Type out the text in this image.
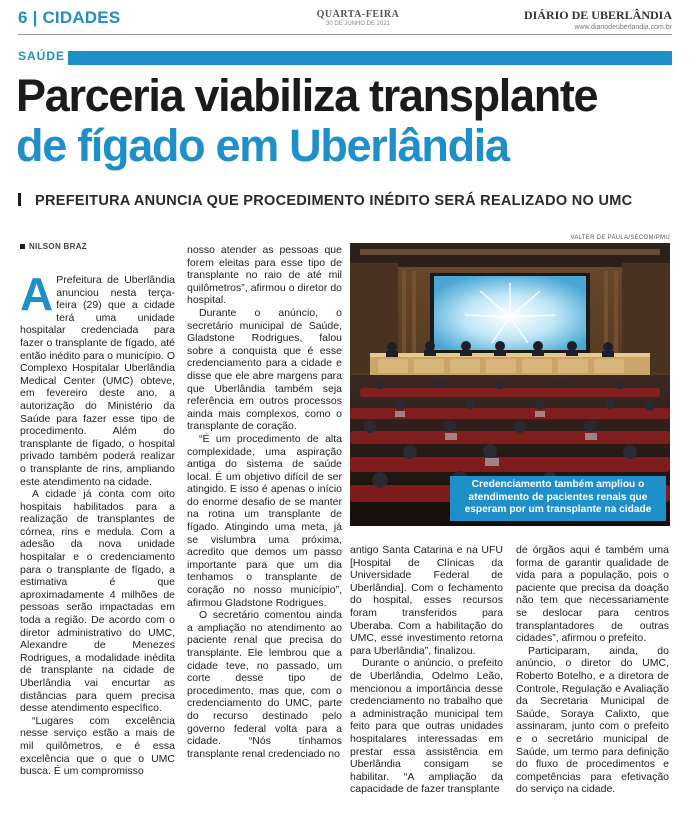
6 | CIDADES	QUARTA-FEIRA
30 DE JUNHO DE 2021
DIÁRIO DE UBERLÂNDIA
www.diariodeuberlandia.com.br
SAÚDE
Parceria viabiliza transplante
de fígado em Uberlândia
PREFEITURA ANUNCIA QUE PROCEDIMENTO INÉDITO SERÁ REALIZADO NO UMC
NILSON BRAZ
A Prefeitura de Uberlândia anunciou nesta terça-feira (29) que a cidade terá uma unidade hospitalar credenciada para fazer o transplante de fígado, até então inédito para o município. O Complexo Hospitalar Uberlândia Medical Center (UMC) obteve, em fevereiro deste ano, a autorização do Ministério da Saúde para fazer esse tipo de procedimento. Além do transplante de fígado, o hospital privado também poderá realizar o transplante de rins, ampliando este atendimento na cidade.

A cidade já conta com oito hospitais habilitados para a realização de transplantes de córnea, rins e medula. Com a adesão da nova unidade hospitalar e o credenciamento para o transplante de fígado, a estimativa é que aproximadamente 4 milhões de pessoas serão impactadas em toda a região. De acordo com o diretor administrativo do UMC, Alexandre de Menezes Rodrigues, a modalidade inédita de transplante na cidade de Uberlândia vai encurtar as distâncias para quem precisa desse atendimento específico.

“Lugares com excelência nesse serviço estão a mais de mil quilômetros, e é essa excelência que o que o UMC busca. É um compromisso

nosso atender as pessoas que forem eleitas para esse tipo de transplante no raio de até mil quilômetros”, afirmou o diretor do hospital.

Durante o anúncio, o secretário municipal de Saúde, Gladstone Rodrigues, falou sobre a conquista que é esse credenciamento para a cidade e disse que ele abre margens para que Uberlândia também seja referência em outros processos ainda mais complexos, como o transplante de coração.

“É um procedimento de alta complexidade, uma aspiração antiga do sistema de saúde local. É um objetivo difícil de ser atingido. E isso é apenas o início do enorme desafio de se manter na rotina um transplante de fígado. Atingindo uma meta, já se vislumbra uma próxima, acredito que demos um passo importante para que um dia tenhamos o transplante de coração no nosso município”, afirmou Gladstone Rodrigues.

O secretário comentou ainda a ampliação no atendimento ao paciente renal que precisa do transplante. Ele lembrou que a cidade teve, no passado, um corte desse tipo de procedimento, mas que, com o credenciamento do UMC, parte do recurso destinado pelo governo federal volta para a cidade. “Nós tínhamos transplante renal credenciado no

VALTER DE PAULA/SECOM/PMU
Credenciamento também ampliou o atendimento de pacientes renais que esperam por um transplante na cidade

antigo Santa Catarina e na UFU [Hospital de Clínicas da Universidade Federal de Uberlândia]. Com o fechamento do hospital, esses recursos foram transferidos para Uberaba. Com a habilitação do UMC, esse investimento retorna para Uberlândia”, finalizou.

Durante o anúncio, o prefeito de Uberlândia, Odelmo Leão, mencionou a importância desse credenciamento no trabalho que a administração municipal tem feito para que outras unidades hospitalares interessadas em prestar essa assistência em Uberlândia consigam se habilitar. “A ampliação da capacidade de fazer transplante

de órgãos aqui é também uma forma de garantir qualidade de vida para a população, pois o paciente que precisa da doação não tem que necessariamente se deslocar para centros transplantadores de outras cidades”, afirmou o prefeito.

Participaram, ainda, do anúncio, o diretor do UMC, Roberto Botelho, e a diretora de Controle, Regulação e Avaliação da Secretaria Municipal de Saúde, Soraya Calixto, que assinaram, junto com o prefeito e o secretário municipal de Saúde, um termo para definição do fluxo de procedimentos e competências para efetivação do serviço na cidade.
